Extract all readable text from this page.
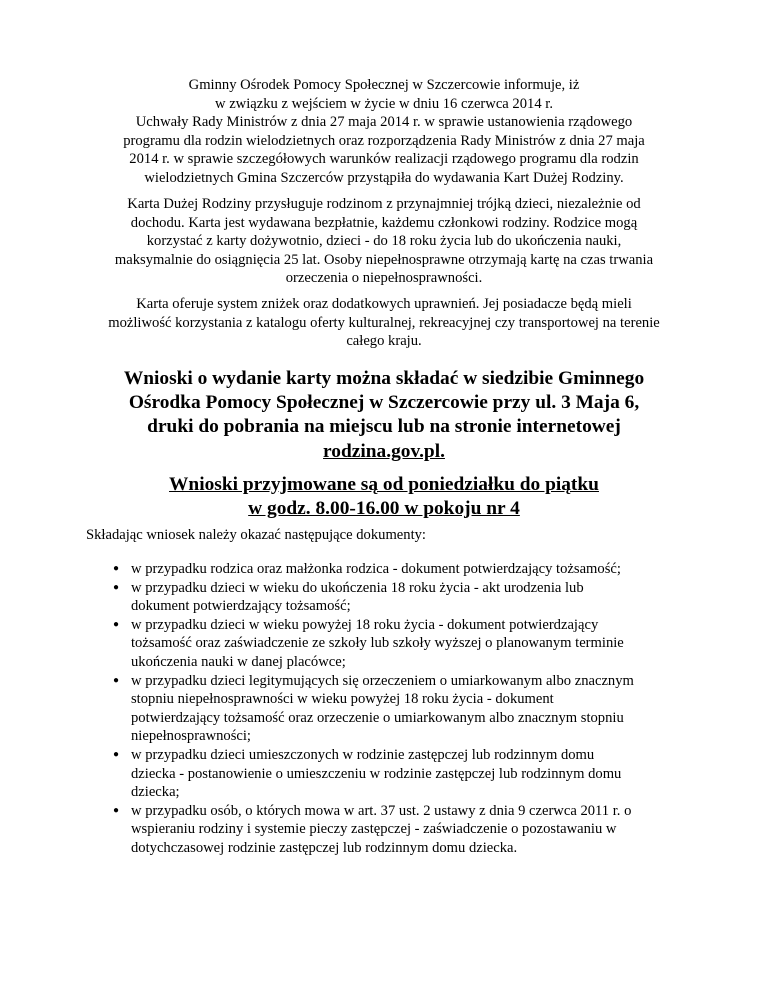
Gminny Ośrodek Pomocy Społecznej w Szczercowie informuje, iż
w związku z wejściem w życie w dniu 16 czerwca 2014 r.
Uchwały Rady Ministrów z dnia 27 maja 2014 r. w sprawie ustanowienia rządowego
programu dla rodzin wielodzietnych oraz rozporządzenia Rady Ministrów z dnia 27 maja
2014 r. w sprawie szczegółowych warunków realizacji rządowego programu dla rodzin
wielodzietnych Gmina Szczerców przystąpiła do wydawania Kart Dużej Rodziny.

Karta Dużej Rodziny przysługuje rodzinom z przynajmniej trójką dzieci, niezależnie od
dochodu. Karta jest wydawana bezpłatnie, każdemu członkowi rodziny. Rodzice mogą
korzystać z karty dożywotnio, dzieci - do 18 roku życia lub do ukończenia nauki,
maksymalnie do osiągnięcia 25 lat. Osoby niepełnosprawne otrzymają kartę na czas trwania
orzeczenia o niepełnosprawności.

Karta oferuje system zniżek oraz dodatkowych uprawnień. Jej posiadacze będą mieli
możliwość korzystania z katalogu oferty kulturalnej, rekreacyjnej czy transportowej na terenie
całego kraju.

Wnioski o wydanie karty można składać w siedzibie Gminnego
Ośrodka Pomocy Społecznej w Szczercowie przy ul. 3 Maja 6,
druki do pobrania na miejscu lub na stronie internetowej
rodzina.gov.pl.

Wnioski przyjmowane są od poniedziałku do piątku
w godz. 8.00-16.00 w pokoju nr 4

Składając wniosek należy okazać następujące dokumenty:

● w przypadku rodzica oraz małżonka rodzica - dokument potwierdzający tożsamość;
● w przypadku dzieci w wieku do ukończenia 18 roku życia - akt urodzenia lub
dokument potwierdzający tożsamość;
● w przypadku dzieci w wieku powyżej 18 roku życia - dokument potwierdzający
tożsamość oraz zaświadczenie ze szkoły lub szkoły wyższej o planowanym terminie
ukończenia nauki w danej placówce;
● w przypadku dzieci legitymujących się orzeczeniem o umiarkowanym albo znacznym
stopniu niepełnosprawności w wieku powyżej 18 roku życia - dokument
potwierdzający tożsamość oraz orzeczenie o umiarkowanym albo znacznym stopniu
niepełnosprawności;
● w przypadku dzieci umieszczonych w rodzinie zastępczej lub rodzinnym domu
dziecka - postanowienie o umieszczeniu w rodzinie zastępczej lub rodzinnym domu
dziecka;
● w przypadku osób, o których mowa w art. 37 ust. 2 ustawy z dnia 9 czerwca 2011 r. o
wspieraniu rodziny i systemie pieczy zastępczej - zaświadczenie o pozostawaniu w
dotychczasowej rodzinie zastępczej lub rodzinnym domu dziecka.
